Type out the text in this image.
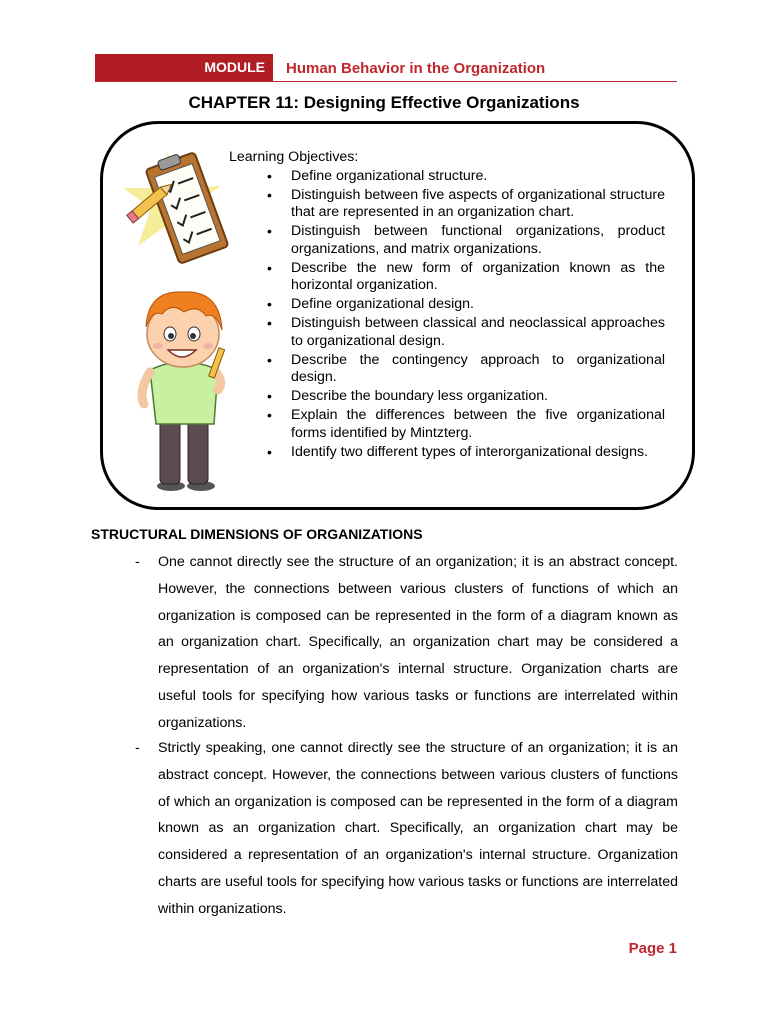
MODULE	Human Behavior in the Organization
CHAPTER 11: Designing Effective Organizations
Learning Objectives:
• Define organizational structure.
• Distinguish between five aspects of organizational structure that are represented in an organization chart.
• Distinguish between functional organizations, product organizations, and matrix organizations.
• Describe the new form of organization known as the horizontal organization.
• Define organizational design.
• Distinguish between classical and neoclassical approaches to organizational design.
• Describe the contingency approach to organizational design.
• Describe the boundary less organization.
• Explain the differences between the five organizational forms identified by Mintzterg.
• Identify two different types of interorganizational designs.
STRUCTURAL DIMENSIONS OF ORGANIZATIONS
- One cannot directly see the structure of an organization; it is an abstract concept. However, the connections between various clusters of functions of which an organization is composed can be represented in the form of a diagram known as an organization chart. Specifically, an organization chart may be considered a representation of an organization's internal structure. Organization charts are useful tools for specifying how various tasks or functions are interrelated within organizations.
- Strictly speaking, one cannot directly see the structure of an organization; it is an abstract concept. However, the connections between various clusters of functions of which an organization is composed can be represented in the form of a diagram known as an organization chart. Specifically, an organization chart may be considered a representation of an organization's internal structure. Organization charts are useful tools for specifying how various tasks or functions are interrelated within organizations.
Page 1
